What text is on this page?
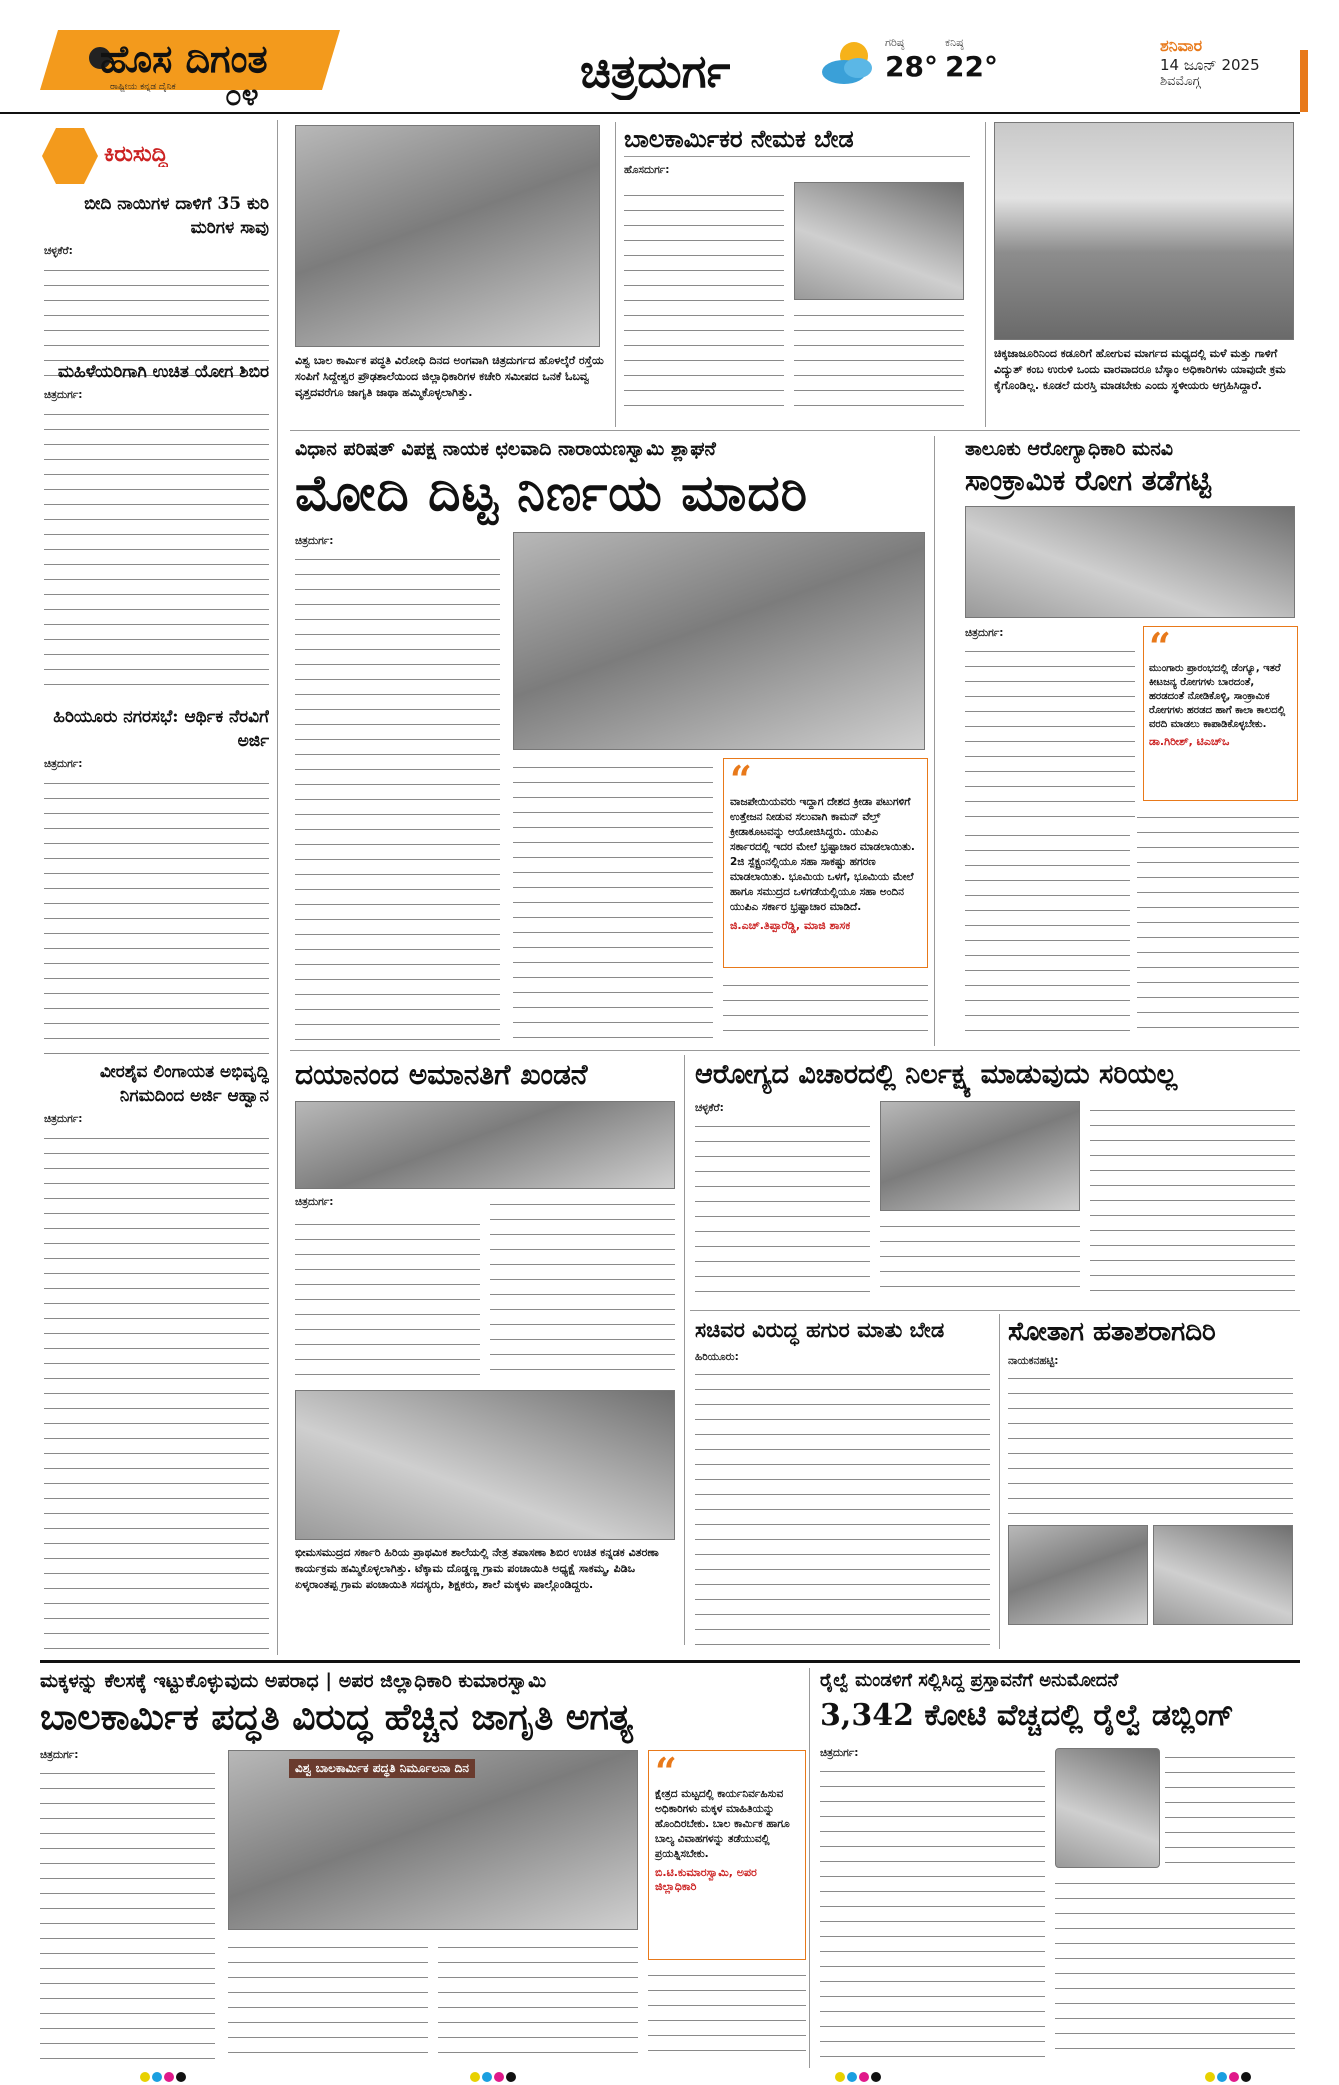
ಹೊಸ ದಿಗಂತ
ರಾಷ್ಟ್ರೀಯ ಕನ್ನಡ ದೈನಿಕ ೦೪	ಚಿತ್ರದುರ್ಗ
ಗರಿಷ್ಠ
28°
ಕನಿಷ್ಠ
22°
ಶನಿವಾರ
14 ಜೂನ್ 2025
ಶಿವಮೊಗ್ಗ
ಕಿರುಸುದ್ದಿ
ಬೀದಿ ನಾಯಿಗಳ ದಾಳಿಗೆ 35 ಕುರಿ ಮರಿಗಳ ಸಾವು
ಚಳ್ಳಕೆರೆ:
ಮಹಿಳೆಯರಿಗಾಗಿ ಉಚಿತ ಯೋಗ ಶಿಬಿರ
ಚಿತ್ರದುರ್ಗ:
ಹಿರಿಯೂರು ನಗರಸಭೆ: ಆರ್ಥಿಕ ನೆರವಿಗೆ ಅರ್ಜಿ
ಚಿತ್ರದುರ್ಗ:
ವೀರಶೈವ ಲಿಂಗಾಯತ ಅಭಿವೃದ್ಧಿ ನಿಗಮದಿಂದ ಅರ್ಜಿ ಆಹ್ವಾನ
ಚಿತ್ರದುರ್ಗ:
ವಿಶ್ವ ಬಾಲ ಕಾರ್ಮಿಕ ಪದ್ಧತಿ ವಿರೋಧಿ ದಿನದ ಅಂಗವಾಗಿ ಚಿತ್ರದುರ್ಗದ ಹೊಳಲ್ಕೆರೆ ರಸ್ತೆಯ ಸಂಪಿಗೆ ಸಿದ್ದೇಶ್ವರ ಪ್ರೌಢಶಾಲೆಯಿಂದ ಜಿಲ್ಲಾಧಿಕಾರಿಗಳ ಕಚೇರಿ ಸಮೀಪದ ಒನಕೆ ಓಬವ್ವ ವೃತ್ತದವರೆಗೂ ಜಾಗೃತಿ ಜಾಥಾ ಹಮ್ಮಿಕೊಳ್ಳಲಾಗಿತ್ತು.
ಬಾಲಕಾರ್ಮಿಕರ ನೇಮಕ ಬೇಡ
ಹೊಸದುರ್ಗ:
ಚಿಕ್ಕಜಾಜೂರಿನಿಂದ ಕಡೂರಿಗೆ ಹೋಗುವ ಮಾರ್ಗದ ಮಧ್ಯದಲ್ಲಿ ಮಳೆ ಮತ್ತು ಗಾಳಿಗೆ ವಿದ್ಯುತ್ ಕಂಬ ಉರುಳಿ ಒಂದು ವಾರವಾದರೂ ಬೆಸ್ಕಾಂ ಅಧಿಕಾರಿಗಳು ಯಾವುದೇ ಕ್ರಮ ಕೈಗೊಂಡಿಲ್ಲ. ಕೂಡಲೆ ದುರಸ್ತಿ ಮಾಡಬೇಕು ಎಂದು ಸ್ಥಳೀಯರು ಆಗ್ರಹಿಸಿದ್ದಾರೆ.
ವಿಧಾನ ಪರಿಷತ್ ವಿಪಕ್ಷ ನಾಯಕ ಛಲವಾದಿ ನಾರಾಯಣಸ್ವಾಮಿ ಶ್ಲಾಘನೆ
ಮೋದಿ ದಿಟ್ಟ ನಿರ್ಣಯ ಮಾದರಿ
ಚಿತ್ರದುರ್ಗ:
“
ವಾಜಪೇಯಿಯವರು ಇದ್ದಾಗ ದೇಶದ ಕ್ರೀಡಾ ಪಟುಗಳಿಗೆ ಉತ್ತೇಜನ ನೀಡುವ ಸಲುವಾಗಿ ಕಾಮನ್ ವೆಲ್ತ್ ಕ್ರೀಡಾಕೂಟವನ್ನು ಆಯೋಜಿಸಿದ್ದರು. ಯುಪಿಎ ಸರ್ಕಾರದಲ್ಲಿ ಇದರ ಮೇಲೆ ಭ್ರಷ್ಟಾಚಾರ ಮಾಡಲಾಯಿತು. 2ಜಿ ಸ್ಪೆಕ್ಟ್ರಂನಲ್ಲಿಯೂ ಸಹಾ ಸಾಕಷ್ಟು ಹಗರಣ ಮಾಡಲಾಯಿತು. ಭೂಮಿಯ ಒಳಗೆ, ಭೂಮಿಯ ಮೇಲೆ ಹಾಗೂ ಸಮುದ್ರದ ಒಳಗಡೆಯಲ್ಲಿಯೂ ಸಹಾ ಅಂದಿನ ಯುಪಿಎ ಸರ್ಕಾರ ಭ್ರಷ್ಟಾಚಾರ ಮಾಡಿದೆ.
ಜಿ.ಎಚ್.ತಿಪ್ಪಾರೆಡ್ಡಿ, ಮಾಜಿ ಶಾಸಕ
ತಾಲೂಕು ಆರೋಗ್ಯಾಧಿಕಾರಿ ಮನವಿ
ಸಾಂಕ್ರಾಮಿಕ ರೋಗ ತಡೆಗಟ್ಟಿ
ಚಿತ್ರದುರ್ಗ:	“
ಮುಂಗಾರು ಪ್ರಾರಂಭದಲ್ಲಿ ಡೆಂಗ್ಯೂ, ಇತರೆ ಕೀಟಜನ್ಯ ರೋಗಗಳು ಬಾರದಂತೆ, ಹರಡದಂತೆ ನೋಡಿಕೊಳ್ಳಿ, ಸಾಂಕ್ರಾಮಿಕ ರೋಗಗಳು ಹರಡದ ಹಾಗೆ ಕಾಲಾ ಕಾಲದಲ್ಲಿ ವರದಿ ಮಾಡಲು ಕಾಪಾಡಿಕೊಳ್ಳಬೇಕು.
ಡಾ.ಗಿರೀಶ್, ಟಿಎಚ್‌ಒ
ದಯಾನಂದ ಅಮಾನತಿಗೆ ಖಂಡನೆ
ಚಿತ್ರದುರ್ಗ:
ಭೀಮಸಮುದ್ರದ ಸರ್ಕಾರಿ ಹಿರಿಯ ಪ್ರಾಥಮಿಕ ಶಾಲೆಯಲ್ಲಿ ನೇತ್ರ ತಪಾಸಣಾ ಶಿಬಿರ ಉಚಿತ ಕನ್ನಡಕ ವಿತರಣಾ ಕಾರ್ಯಕ್ರಮ ಹಮ್ಮಿಕೊಳ್ಳಲಾಗಿತ್ತು. ಟೆಕ್ಕಾಮ ದೊಡ್ಡಣ್ಣ ಗ್ರಾಮ ಪಂಚಾಯಿತಿ ಅಧ್ಯಕ್ಷೆ ಸಾಕಮ್ಮ, ಪಿಡಿಒ ಏಳ್ಕರಾಂತಪ್ಪ ಗ್ರಾಮ ಪಂಚಾಯಿತಿ ಸದಸ್ಯರು, ಶಿಕ್ಷಕರು, ಶಾಲೆ ಮಕ್ಕಳು ಪಾಲ್ಗೊಂಡಿದ್ದರು.
ಆರೋಗ್ಯದ ವಿಚಾರದಲ್ಲಿ ನಿರ್ಲಕ್ಷ್ಯ ಮಾಡುವುದು ಸರಿಯಲ್ಲ
ಚಳ್ಳಕೆರೆ:
ಸಚಿವರ ವಿರುದ್ಧ ಹಗುರ ಮಾತು ಬೇಡ
ಹಿರಿಯೂರು:
ಸೋತಾಗ ಹತಾಶರಾಗದಿರಿ
ನಾಯಕನಹಟ್ಟಿ:

ಮಕ್ಕಳನ್ನು ಕೆಲಸಕ್ಕೆ ಇಟ್ಟುಕೊಳ್ಳುವುದು ಅಪರಾಧ | ಅಪರ ಜಿಲ್ಲಾಧಿಕಾರಿ ಕುಮಾರಸ್ವಾಮಿ
ಬಾಲಕಾರ್ಮಿಕ ಪದ್ಧತಿ ವಿರುದ್ಧ ಹೆಚ್ಚಿನ ಜಾಗೃತಿ ಅಗತ್ಯ
ಚಿತ್ರದುರ್ಗ:
ವಿಶ್ವ ಬಾಲಕಾರ್ಮಿಕ ಪದ್ಧತಿ ನಿರ್ಮೂಲನಾ ದಿನ	“
ಕ್ಷೇತ್ರದ ಮಟ್ಟದಲ್ಲಿ ಕಾರ್ಯನಿರ್ವಹಿಸುವ ಅಧಿಕಾರಿಗಳು ಮಕ್ಕಳ ಮಾಹಿತಿಯನ್ನು ಹೊಂದಿರಬೇಕು. ಬಾಲ ಕಾರ್ಮಿಕ ಹಾಗೂ ಬಾಲ್ಯ ವಿವಾಹಗಳನ್ನು ತಡೆಯುವಲ್ಲಿ ಪ್ರಯತ್ನಿಸಬೇಕು.
ಬಿ.ಟಿ.ಕುಮಾರಸ್ವಾಮಿ, ಅಪರ ಜಿಲ್ಲಾಧಿಕಾರಿ
ರೈಲ್ವೆ ಮಂಡಳಿಗೆ ಸಲ್ಲಿಸಿದ್ದ ಪ್ರಸ್ತಾವನೆಗೆ ಅನುಮೋದನೆ
3,342 ಕೋಟಿ ವೆಚ್ಚದಲ್ಲಿ ರೈಲ್ವೆ ಡಬ್ಲಿಂಗ್
ಚಿತ್ರದುರ್ಗ:
